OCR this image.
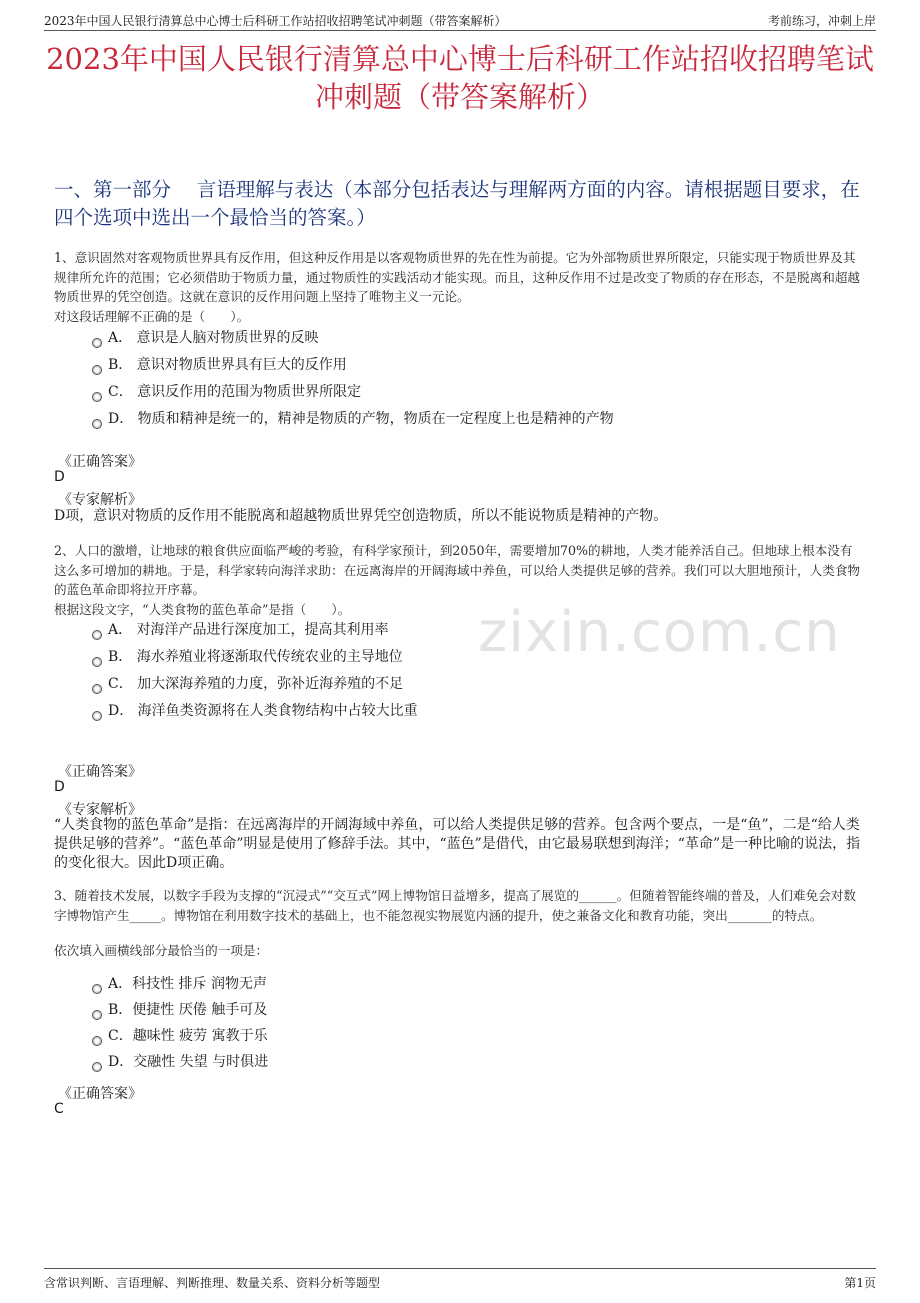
2023年中国人民银行清算总中心博士后科研工作站招收招聘笔试冲刺题（带答案解析）	考前练习，冲刺上岸
2023年中国人民银行清算总中心博士后科研工作站招收招聘笔试冲刺题（带答案解析）
一、第一部分　 言语理解与表达（本部分包括表达与理解两方面的内容。请根据题目要求，在四个选项中选出一个最恰当的答案。）

1、意识固然对客观物质世界具有反作用，但这种反作用是以客观物质世界的先在性为前提。它为外部物质世界所限定，只能实现于物质世界及其规律所允许的范围；它必须借助于物质力量，通过物质性的实践活动才能实现。而且，这种反作用不过是改变了物质的存在形态，不是脱离和超越物质世界的凭空创造。这就在意识的反作用问题上坚持了唯物主义一元论。

对这段话理解不正确的是（　　）。
A． 意识是人脑对物质世界的反映
B． 意识对物质世界具有巨大的反作用
C． 意识反作用的范围为物质世界所限定
D． 物质和精神是统一的，精神是物质的产物，物质在一定程度上也是精神的产物
《正确答案》
D
《专家解析》

D项，意识对物质的反作用不能脱离和超越物质世界凭空创造物质，所以不能说物质是精神的产物。

2、人口的激增，让地球的粮食供应面临严峻的考验，有科学家预计，到2050年，需要增加70%的耕地，人类才能养活自己。但地球上根本没有这么多可增加的耕地。于是，科学家转向海洋求助：在远离海岸的开阔海域中养鱼，可以给人类提供足够的营养。我们可以大胆地预计，人类食物的蓝色革命即将拉开序幕。

根据这段文字，“人类食物的蓝色革命”是指（　　）。
A． 对海洋产品进行深度加工，提高其利用率
B． 海水养殖业将逐渐取代传统农业的主导地位
C． 加大深海养殖的力度，弥补近海养殖的不足
D． 海洋鱼类资源将在人类食物结构中占较大比重
《正确答案》
D
《专家解析》

“人类食物的蓝色革命”是指：在远离海岸的开阔海域中养鱼，可以给人类提供足够的营养。包含两个要点，一是“鱼”，二是“给人类提供足够的营养”。“蓝色革命”明显是使用了修辞手法。其中，“蓝色”是借代，由它最易联想到海洋；“革命”是一种比喻的说法，指的变化很大。因此D项正确。

3、随着技术发展，以数字手段为支撑的“沉浸式”“交互式”网上博物馆日益增多，提高了展览的______。但随着智能终端的普及，人们难免会对数字博物馆产生_____。博物馆在利用数字技术的基础上，也不能忽视实物展览内涵的提升，使之兼备文化和教育功能，突出_______的特点。

依次填入画横线部分最恰当的一项是：
A．科技性 排斥 润物无声
B．便捷性 厌倦 触手可及
C．趣味性 疲劳 寓教于乐
D．交融性 失望 与时俱进
《正确答案》
C
zixin.com.cn
含常识判断、言语理解、判断推理、数量关系、资料分析等题型	第1页
